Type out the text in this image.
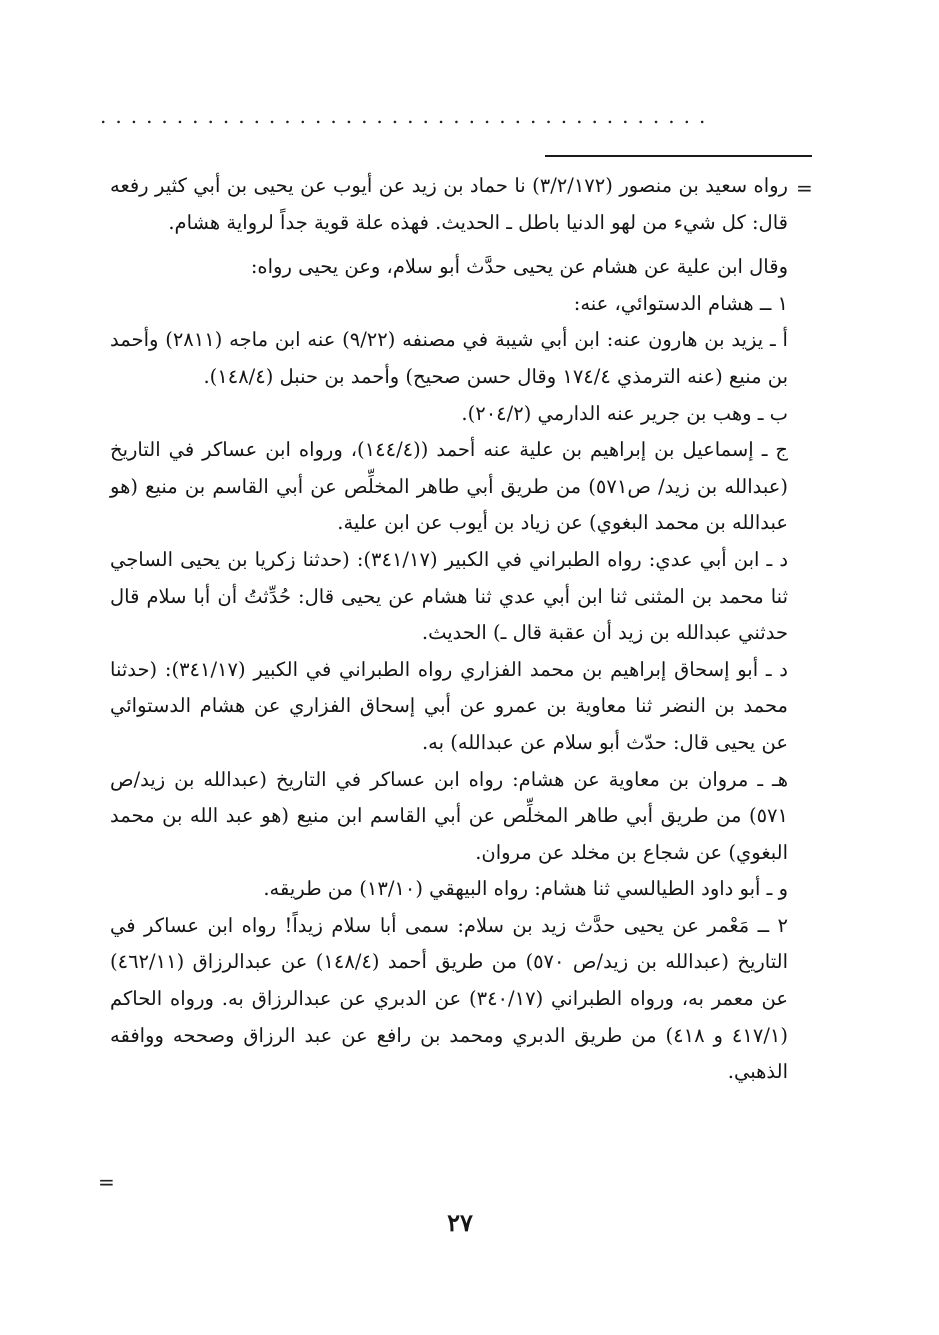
........................................
=

رواه سعيد بن منصور (٣/٢/١٧٢) نا حماد بن زيد عن أيوب عن يحيى بن أبي كثير رفعه قال: كل شيء من لهو الدنيا باطل ـ الحديث. فهذه علة قوية جداً لرواية هشام.

وقال ابن علية عن هشام عن يحيى حدَّث أبو سلام، وعن يحيى رواه:

١ ــ هشام الدستوائي، عنه:

أ ـ يزيد بن هارون عنه: ابن أبي شيبة في مصنفه (٩/٢٢) عنه ابن ماجه (٢٨١١) وأحمد بن منيع (عنه الترمذي ١٧٤/٤ وقال حسن صحيح) وأحمد بن حنبل (١٤٨/٤).

ب ـ وهب بن جرير عنه الدارمي (٢٠٤/٢).

ج ـ إسماعيل بن إبراهيم بن علية عنه أحمد ((١٤٤/٤)، ورواه ابن عساكر في التاريخ (عبدالله بن زيد/ ص٥٧١) من طريق أبي طاهر المخلِّص عن أبي القاسم بن منيع (هو عبدالله بن محمد البغوي) عن زياد بن أيوب عن ابن علية.

د ـ ابن أبي عدي: رواه الطبراني في الكبير (٣٤١/١٧): (حدثنا زكريا بن يحيى الساجي ثنا محمد بن المثنى ثنا ابن أبي عدي ثنا هشام عن يحيى قال: حُدِّثتُ أن أبا سلام قال حدثني عبدالله بن زيد أن عقبة قال ـ) الحديث.

د ـ أبو إسحاق إبراهيم بن محمد الفزاري رواه الطبراني في الكبير (٣٤١/١٧): (حدثنا محمد بن النضر ثنا معاوية بن عمرو عن أبي إسحاق الفزاري عن هشام الدستوائي عن يحيى قال: حدّث أبو سلام عن عبدالله) به.

هـ ـ مروان بن معاوية عن هشام: رواه ابن عساكر في التاريخ (عبدالله بن زيد/ص ٥٧١) من طريق أبي طاهر المخلِّص عن أبي القاسم ابن منيع (هو عبد الله بن محمد البغوي) عن شجاع بن مخلد عن مروان.

و ـ أبو داود الطيالسي ثنا هشام: رواه البيهقي (١٣/١٠) من طريقه.

٢ ــ مَعْمر عن يحيى حدَّث زيد بن سلام: سمى أبا سلام زيداً! رواه ابن عساكر في التاريخ (عبدالله بن زيد/ص ٥٧٠) من طريق أحمد (١٤٨/٤) عن عبدالرزاق (٤٦٢/١١) عن معمر به، ورواه الطبراني (٣٤٠/١٧) عن الدبري عن عبدالرزاق به. ورواه الحاكم (٤١٧/١ و ٤١٨) من طريق الدبري ومحمد بن رافع عن عبد الرزاق وصححه ووافقه الذهبي.

=
٢٧
